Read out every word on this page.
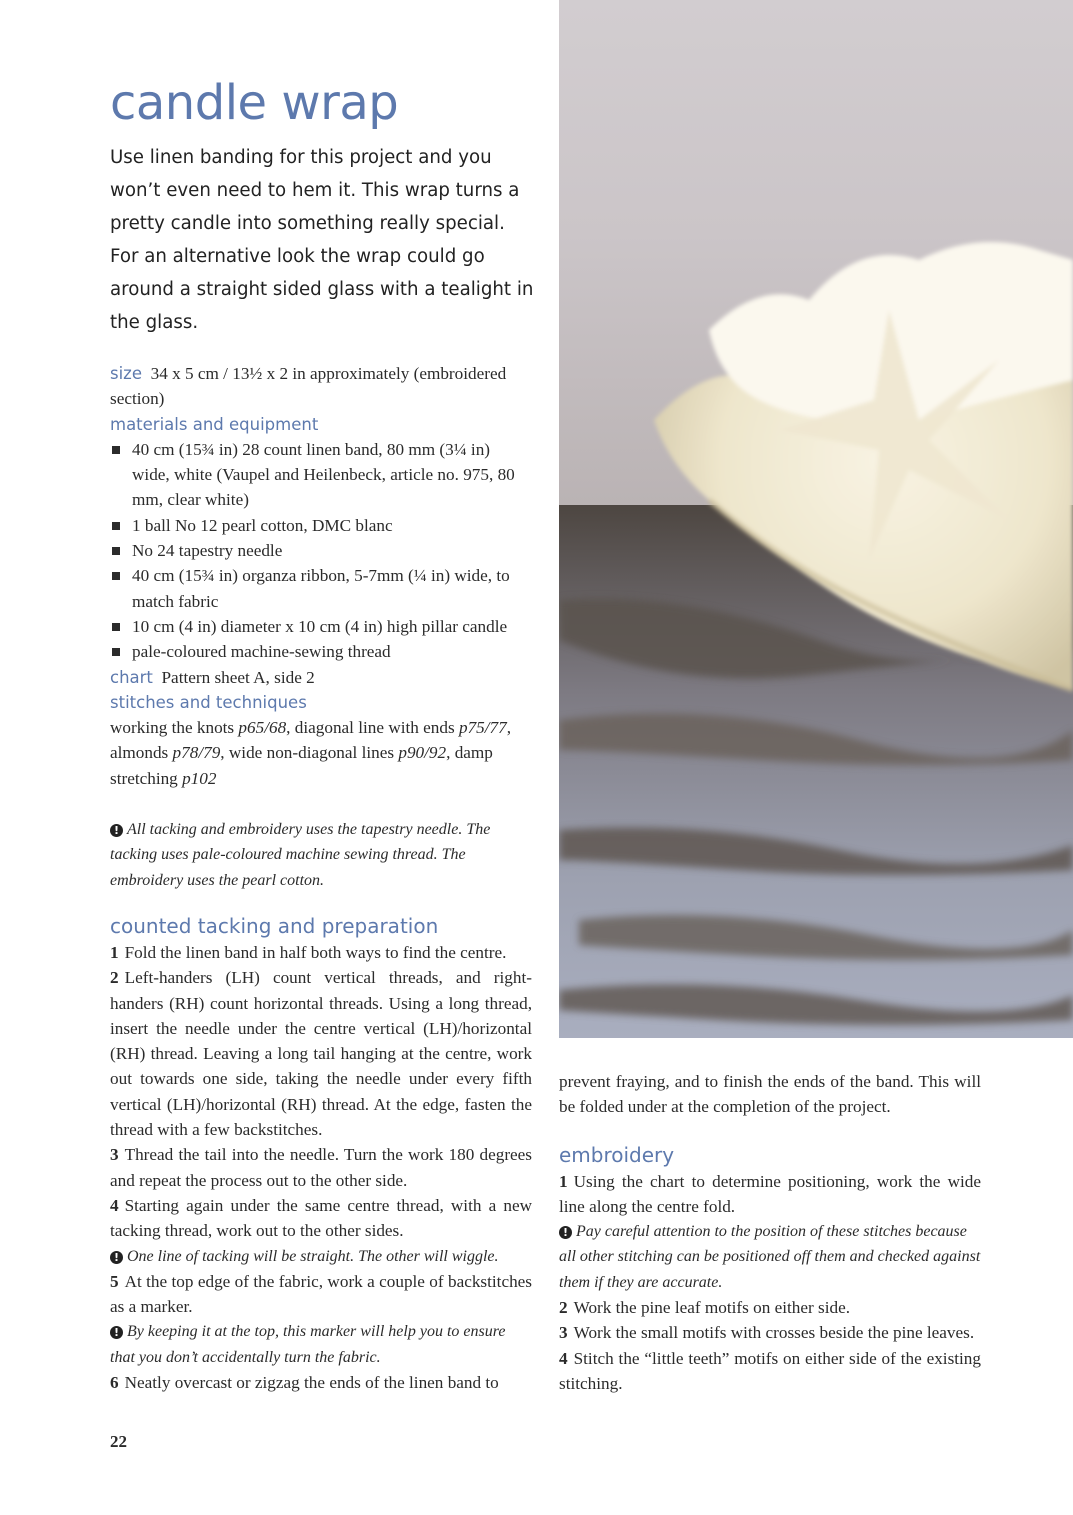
candle wrap

Use linen banding for this project and you won’t even need to hem it. This wrap turns a pretty candle into something really special. For an alternative look the wrap could go around a straight sided glass with a tealight in the glass.

size 34 x 5 cm / 13½ x 2 in approximately (embroidered section)

materials and equipment
40 cm (15¾ in) 28 count linen band, 80 mm (3¼ in) wide, white (Vaupel and Heilenbeck, article no. 975, 80 mm, clear white)
1 ball No 12 pearl cotton, DMC blanc
No 24 tapestry needle
40 cm (15¾ in) organza ribbon, 5-7mm (¼ in) wide, to match fabric
10 cm (4 in) diameter x 10 cm (4 in) high pillar candle
pale-coloured machine-sewing thread

chart Pattern sheet A, side 2

stitches and techniques

working the knots p65/68, diagonal line with ends p75/77, almonds p78/79, wide non-diagonal lines p90/92, damp stretching p102

! All tacking and embroidery uses the tapestry needle. The tacking uses pale-coloured machine sewing thread. The embroidery uses the pearl cotton.

counted tacking and preparation

1 Fold the linen band in half both ways to find the centre.

2 Left-handers (LH) count vertical threads, and right-handers (RH) count horizontal threads. Using a long thread, insert the needle under the centre vertical (LH)/horizontal (RH) thread. Leaving a long tail hanging at the centre, work out towards one side, taking the needle under every fifth vertical (LH)/horizontal (RH) thread. At the edge, fasten the thread with a few backstitches.

3 Thread the tail into the needle. Turn the work 180 degrees and repeat the process out to the other side.

4 Starting again under the same centre thread, with a new tacking thread, work out to the other sides.

! One line of tacking will be straight. The other will wiggle.

5 At the top edge of the fabric, work a couple of backstitches as a marker.

! By keeping it at the top, this marker will help you to ensure that you don’t accidentally turn the fabric.

6 Neatly overcast or zigzag the ends of the linen band to

prevent fraying, and to finish the ends of the band. This will be folded under at the completion of the project.

embroidery

1 Using the chart to determine positioning, work the wide line along the centre fold.

! Pay careful attention to the position of these stitches because all other stitching can be positioned off them and checked against them if they are accurate.

2 Work the pine leaf motifs on either side.

3 Work the small motifs with crosses beside the pine leaves.

4 Stitch the “little teeth” motifs on either side of the existing stitching.

22
